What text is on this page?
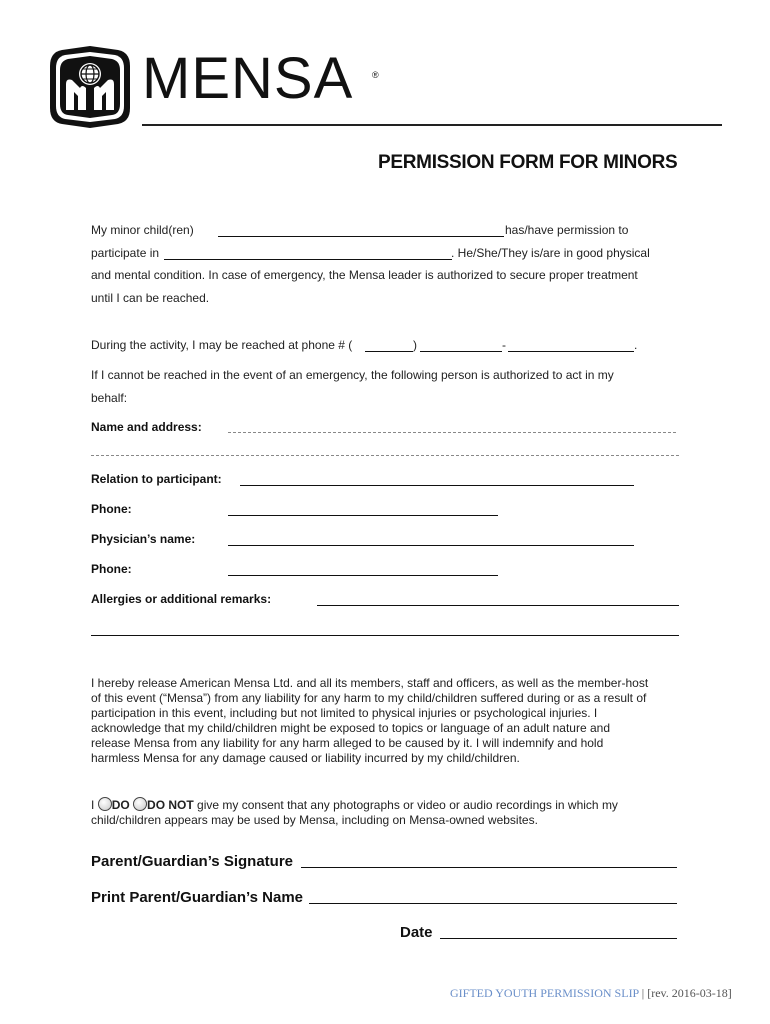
MENSA ®
PERMISSION FORM FOR MINORS
My minor child(ren)	has/have permission to
participate in	. He/She/They is/are in good physical
and mental condition. In case of emergency, the Mensa leader is authorized to secure proper treatment
until I can be reached.
During the activity, I may be reached at phone # (	)	-	.
If I cannot be reached in the event of an emergency, the following person is authorized to act in my
behalf:
Name and address:
Relation to participant:
Phone:
Physician’s name:
Phone:
Allergies or additional remarks:
I hereby release American Mensa Ltd. and all its members, staff and officers, as well as the member-host
of this event (“Mensa”) from any liability for any harm to my child/children suffered during or as a result of
participation in this event, including but not limited to physical injuries or psychological injuries. I
acknowledge that my child/children might be exposed to topics or language of an adult nature and
release Mensa from any liability for any harm alleged to be caused by it. I will indemnify and hold
harmless Mensa for any damage caused or liability incurred by my child/children.
I DO DO NOT give my consent that any photographs or video or audio recordings in which my
child/children appears may be used by Mensa, including on Mensa-owned websites.
Parent/Guardian’s Signature
Print Parent/Guardian’s Name
Date
GIFTED YOUTH PERMISSION SLIP | [rev. 2016-03-18]
